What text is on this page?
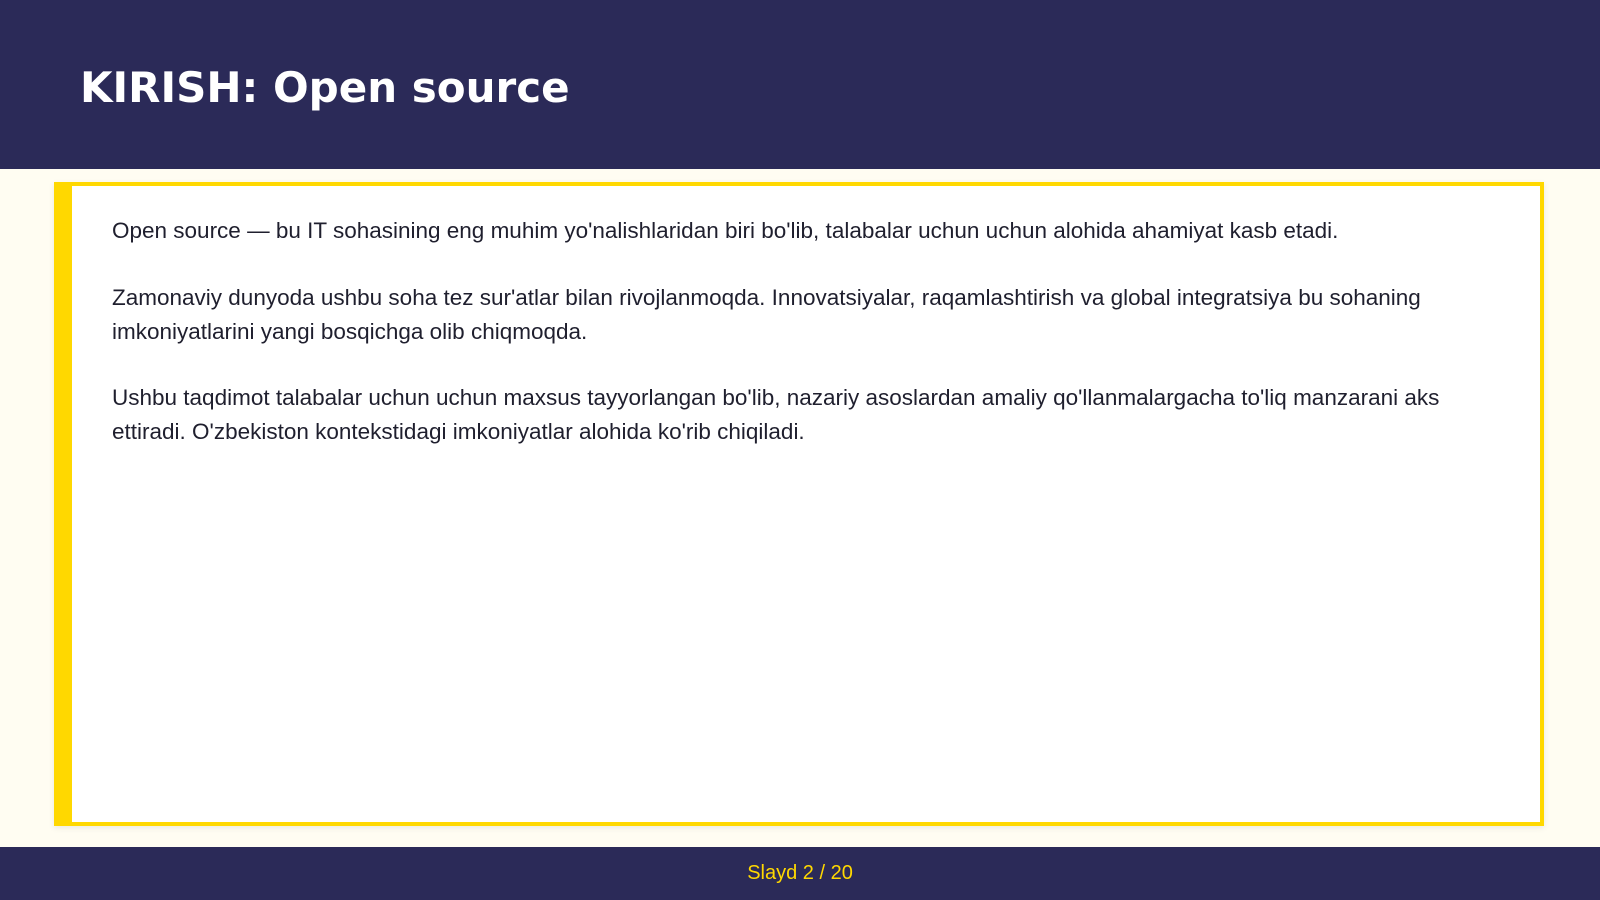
KIRISH: Open source

Open source — bu IT sohasining eng muhim yo'nalishlaridan biri bo'lib, talabalar uchun uchun alohida ahamiyat kasb etadi.

Zamonaviy dunyoda ushbu soha tez sur'atlar bilan rivojlanmoqda. Innovatsiyalar, raqamlashtirish va global integratsiya bu sohaning imkoniyatlarini yangi bosqichga olib chiqmoqda.

Ushbu taqdimot talabalar uchun uchun maxsus tayyorlangan bo'lib, nazariy asoslardan amaliy qo'llanmalargacha to'liq manzarani aks ettiradi. O'zbekiston kontekstidagi imkoniyatlar alohida ko'rib chiqiladi.

Slayd 2 / 20
